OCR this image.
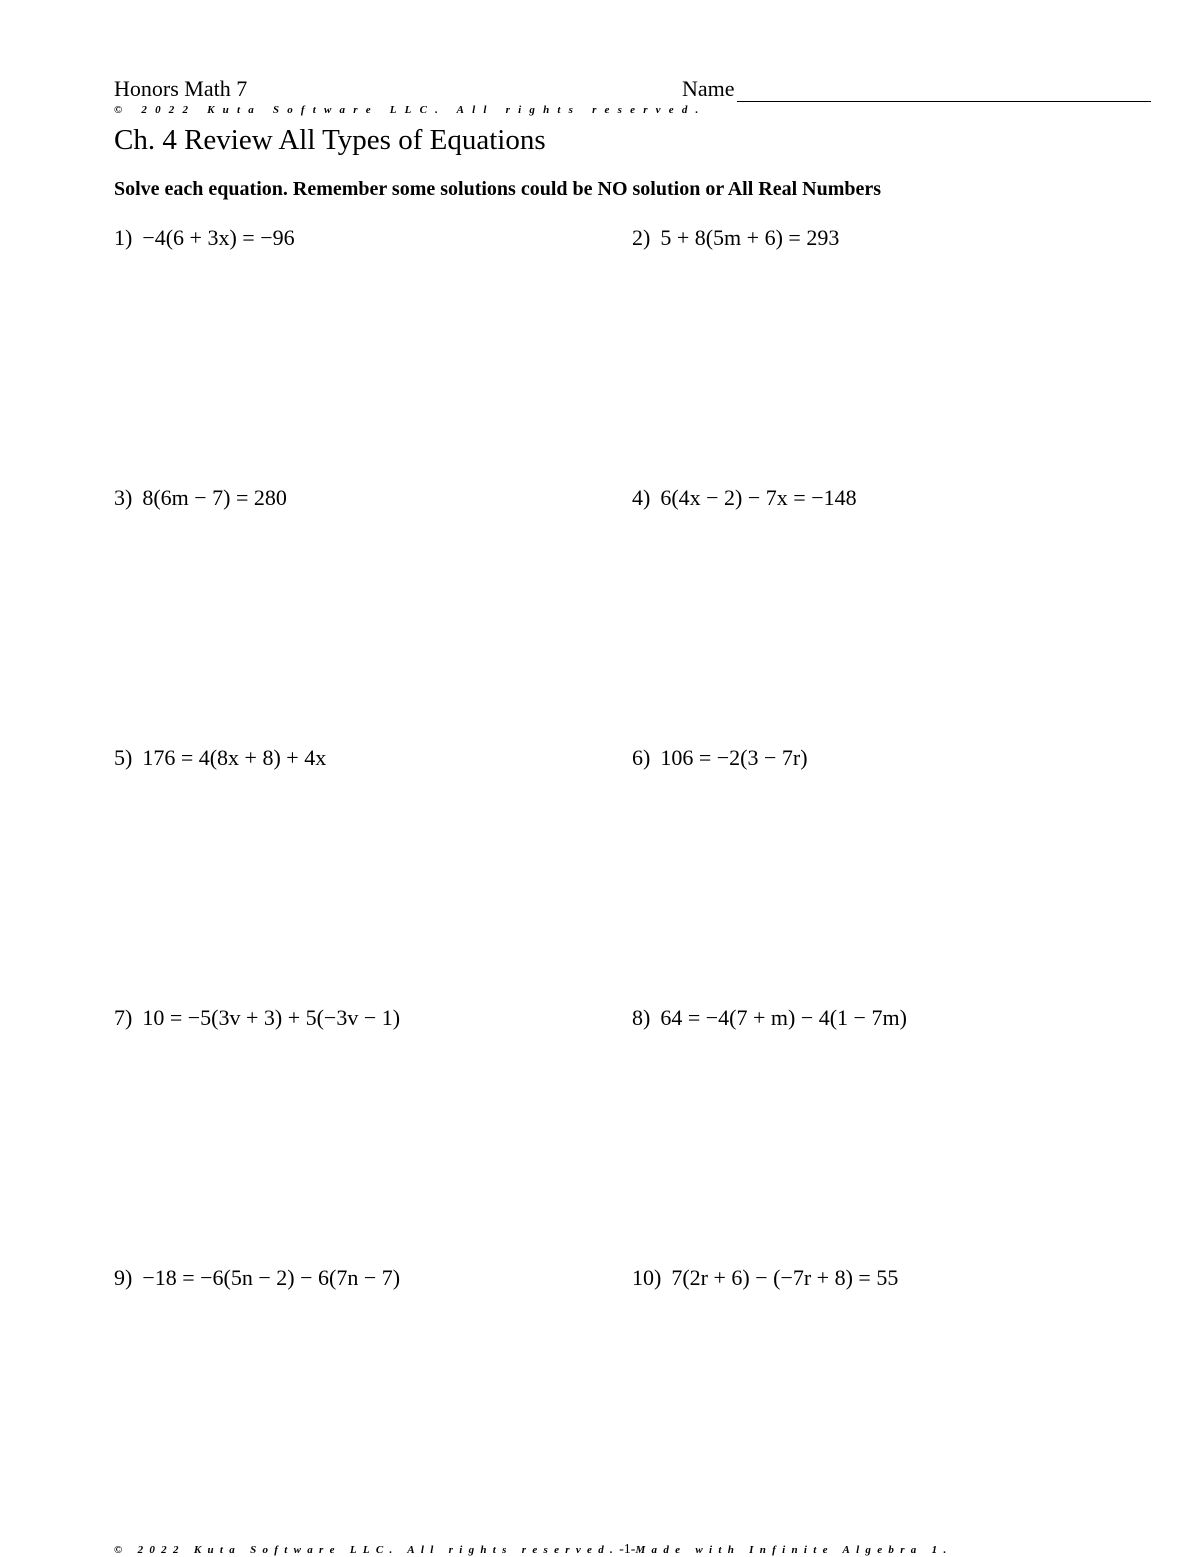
Honors Math 7	Name
© 2022 Kuta Software LLC. All rights reserved.
Ch. 4 Review All Types of Equations
Solve each equation. Remember some solutions could be NO solution or All Real Numbers
1) −4(6 + 3x) = −96	2) 5 + 8(5m + 6) = 293
3) 8(6m − 7) = 280	4) 6(4x − 2) − 7x = −148
5) 176 = 4(8x + 8) + 4x	6) 106 = −2(3 − 7r)
7) 10 = −5(3v + 3) + 5(−3v − 1)	8) 64 = −4(7 + m) − 4(1 − 7m)
9) −18 = −6(5n − 2) − 6(7n − 7)	10) 7(2r + 6) − (−7r + 8) = 55
© 2022 Kuta Software LLC. All rights reserved.-1-Made with Infinite Algebra 1.
